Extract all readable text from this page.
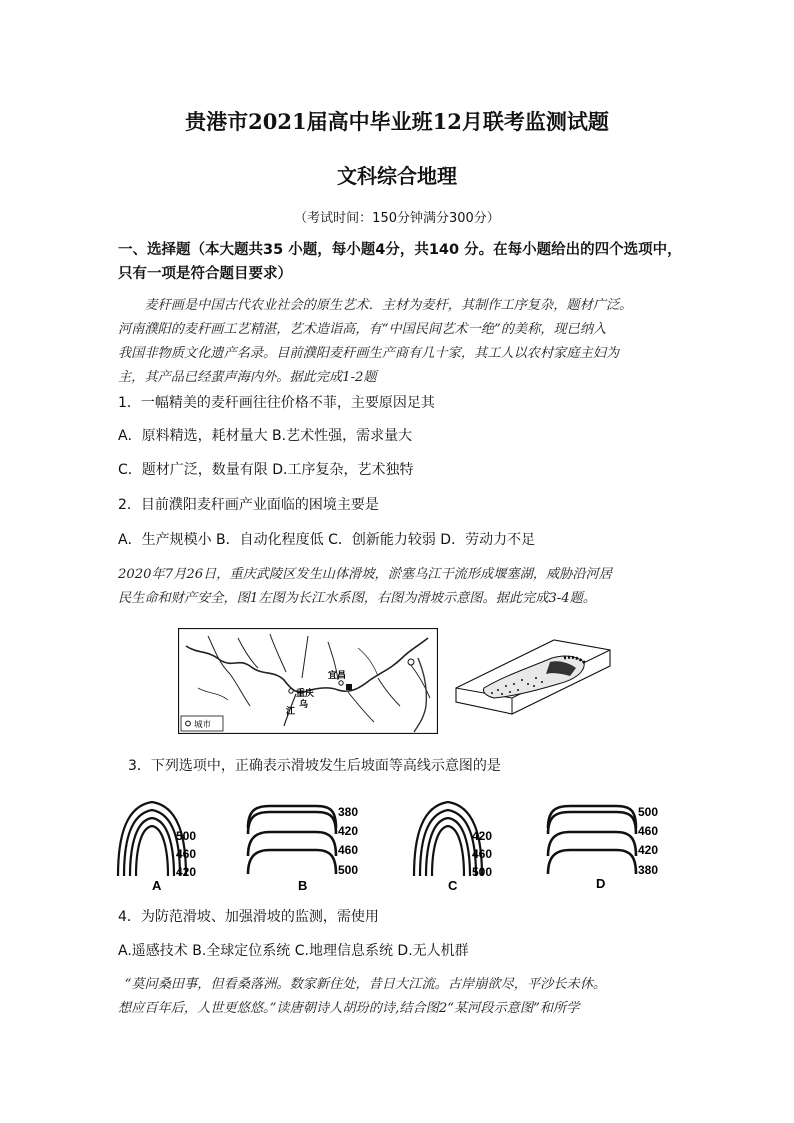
贵港市2021届高中毕业班12月联考监测试题
文科综合地理
（考试时间：150分钟满分300分）
一、选择题（本大题共35 小题，每小题4分，共140 分。在每小题给出的四个选项中，
只有一项是符合题目要求）
麦秆画是中国古代农业社会的原生艺术．主材为麦杆，其制作工序复杂，题材广泛。
河南濮阳的麦秆画工艺精湛，艺术造诣高，有“中国民间艺术一绝”的美称，现已纳入
我国非物质文化遗产名录。目前濮阳麦秆画生产商有几十家，其工人以农村家庭主妇为
主，其产品已经蜚声海内外。据此完成1-2题
1．一幅精美的麦秆画往往价格不菲，主要原因足其
A．原料精选，耗材量大 B.艺术性强，需求量大
C．题材广泛，数量有限 D.工序复杂，艺术独特
2．目前濮阳麦秆画产业面临的困境主要是
A．生产规模小 B．自动化程度低 C．创新能力较弱 D．劳动力不足
2020年7月26日，重庆武陵区发生山体滑坡，淤塞乌江干流形成堰塞湖，威胁沿河居
民生命和财产安全，图1左图为长江水系图，右图为滑坡示意图。据此完成3-4题。
宜昌
重庆
乌
江
城市
3．下列选项中，正确表示滑坡发生后坡面等高线示意图的是
500
460
420
A
380
420
460
500
B
420
460
500
C
500
460
420
380
D
4．为防范滑坡、加强滑坡的监测，需使用
A.遥感技术 B.全球定位系统 C.地理信息系统 D.无人机群
“莫问桑田事，但看桑落洲。数家新住处，昔日大江流。古岸崩欲尽，平沙长未休。
想应百年后，人世更悠悠。”读唐朝诗人胡玢的诗,结合图2“某河段示意图”和所学
